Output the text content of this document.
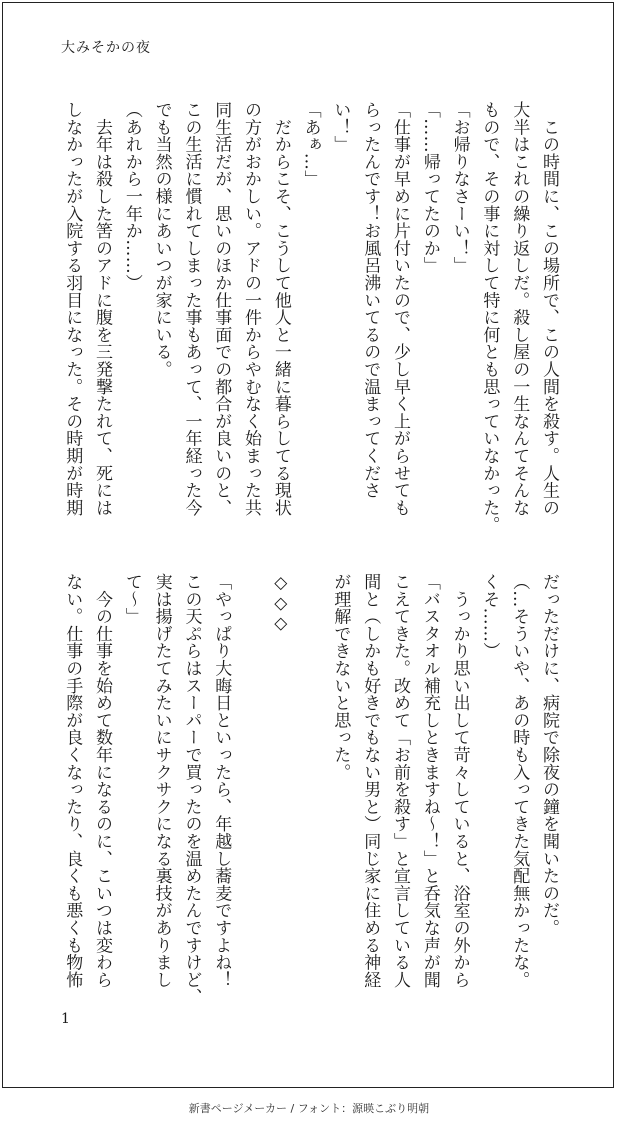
大みそかの夜
　この時間に、この場所で、この人間を殺す。人生の
大半はこれの繰り返しだ。殺し屋の一生なんてそんな
もので、その事に対して特に何とも思っていなかった。
「お帰りなさーい！」
「……帰ってたのか」
「仕事が早めに片付いたので、少し早く上がらせても
らったんです！お風呂沸いてるので温まってくださ
い！」
「あぁ…」
　だからこそ、こうして他人と一緒に暮らしてる現状
の方がおかしい。アドの一件からやむなく始まった共
同生活だが、思いのほか仕事面での都合が良いのと、
この生活に慣れてしまった事もあって、一年経った今
でも当然の様にあいつが家にいる。
（あれから一年か……）
　去年は殺した筈のアドに腹を三発撃たれて、死には
しなかったが入院する羽目になった。その時期が時期
だっただけに、病院で除夜の鐘を聞いたのだ。
（…そういや、あの時も入ってきた気配無かったな。
くそ……）
　うっかり思い出して苛々していると、浴室の外から
「バスタオル補充しときますね～！」と呑気な声が聞
こえてきた。改めて「お前を殺す」と宣言している人
間と（しかも好きでもない男と）同じ家に住める神経
が理解できないと思った。

◇◇◇

「やっぱり大晦日といったら、年越し蕎麦ですよね！
この天ぷらはスーパーで買ったのを温めたんですけど、
実は揚げたてみたいにサクサクになる裏技がありまし
て～」
　今の仕事を始めて数年になるのに、こいつは変わら
ない。仕事の手際が良くなったり、良くも悪くも物怖
1
新書ページメーカー / フォント：源暎こぶり明朝
